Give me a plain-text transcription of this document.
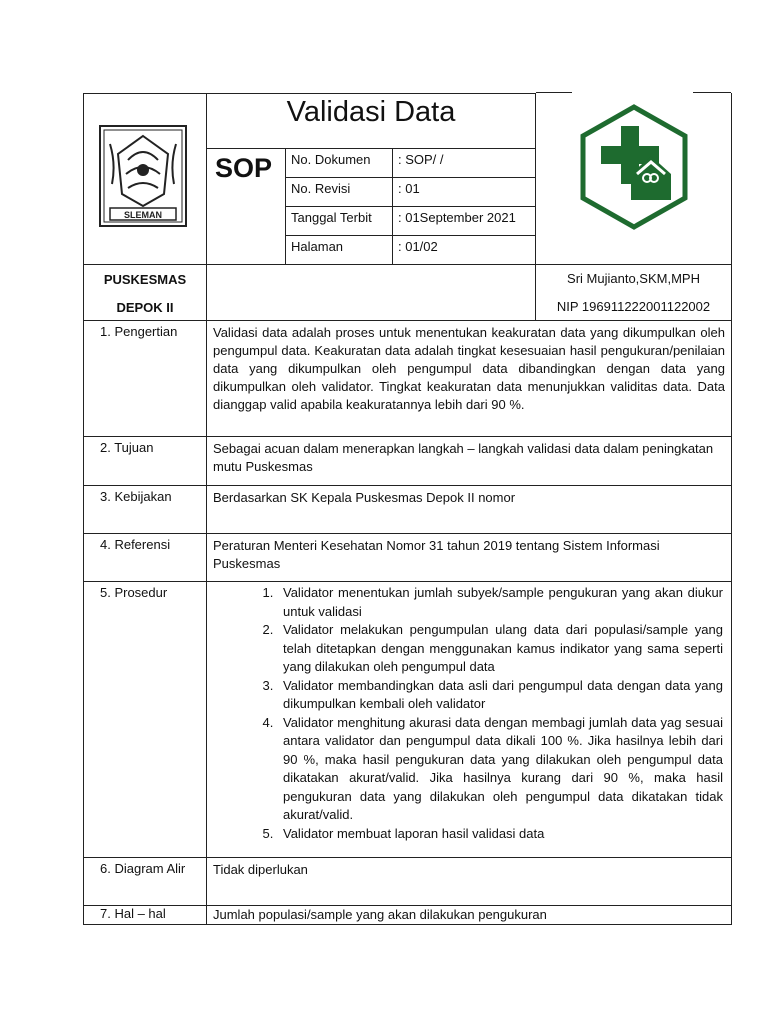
SLEMAN
Validasi Data
SOP No. Dokumen : SOP/ /
No. Revisi	: 01
Tanggal Terbit : 01September 2021
Halaman	: 01/02
PUSKESMAS
DEPOK II
Sri Mujianto,SKM,MPH
NIP 196911222001122002
1. Pengertian	Validasi data adalah proses untuk menentukan keakuratan data yang dikumpulkan oleh pengumpul data. Keakuratan data adalah tingkat kesesuaian hasil pengukuran/penilaian data yang dikumpulkan oleh pengumpul data dibandingkan dengan data yang dikumpulkan oleh validator. Tingkat keakuratan data menunjukkan validitas data. Data dianggap valid apabila keakuratannya lebih dari 90 %.
2. Tujuan	Sebagai acuan dalam menerapkan langkah – langkah validasi data dalam peningkatan mutu Puskesmas
3. Kebijakan	Berdasarkan SK Kepala Puskesmas Depok II nomor
4. Referensi	Peraturan Menteri Kesehatan Nomor 31 tahun 2019 tentang Sistem Informasi Puskesmas
5. Prosedur
1.	Validator menentukan jumlah subyek/sample pengukuran yang akan diukur untuk validasi
2. Validator melakukan pengumpulan ulang data dari populasi/sample yang telah ditetapkan dengan menggunakan kamus indikator yang sama seperti yang dilakukan oleh pengumpul data
3. Validator membandingkan data asli dari pengumpul data dengan data yang dikumpulkan kembali oleh validator
4. Validator menghitung akurasi data dengan membagi jumlah data yag sesuai antara validator dan pengumpul data dikali 100 %. Jika hasilnya lebih dari 90 %, maka hasil pengukuran data yang dilakukan oleh pengumpul data dikatakan akurat/valid. Jika hasilnya kurang dari 90 %, maka hasil pengukuran data yang dilakukan oleh pengumpul data dikatakan tidak akurat/valid.
5. Validator membuat laporan hasil validasi data
6. Diagram Alir Tidak diperlukan
7. Hal – hal	Jumlah populasi/sample yang akan dilakukan pengukuran
